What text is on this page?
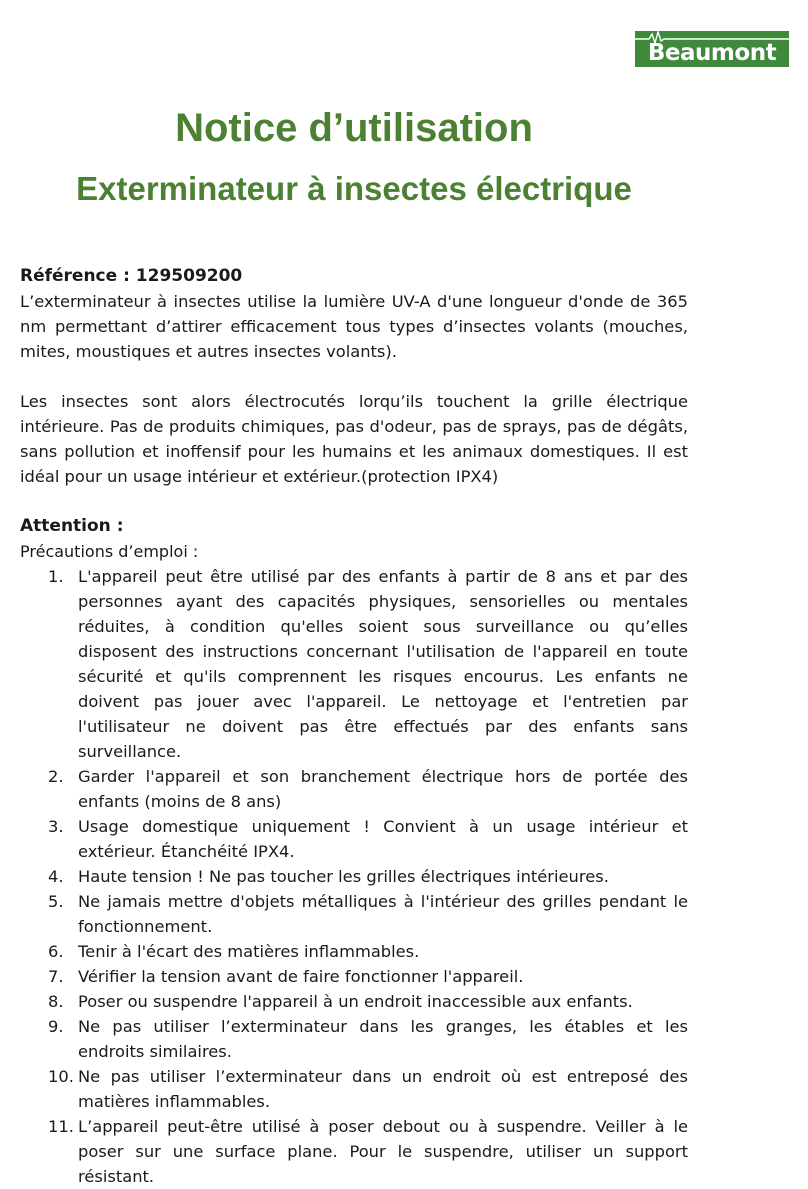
Beaumont
Notice d’utilisation
Exterminateur à insectes électrique
Référence : 129509200

L’exterminateur à insectes utilise la lumière UV-A d'une longueur d'onde de 365 nm permettant d’attirer efficacement tous types d’insectes volants (mouches, mites, moustiques et autres insectes volants).

Les insectes sont alors électrocutés lorqu’ils touchent la grille électrique intérieure. Pas de produits chimiques, pas d'odeur, pas de sprays, pas de dégâts, sans pollution et inoffensif pour les humains et les animaux domestiques. Il est idéal pour un usage intérieur et extérieur.(protection IPX4)

Attention :
Précautions d’emploi :
1. L'appareil peut être utilisé par des enfants à partir de 8 ans et par des personnes ayant des capacités physiques, sensorielles ou mentales réduites, à condition qu'elles soient sous surveillance ou qu’elles disposent des instructions concernant l'utilisation de l'appareil en toute sécurité et qu'ils comprennent les risques encourus. Les enfants ne doivent pas jouer avec l'appareil. Le nettoyage et l'entretien par l'utilisateur ne doivent pas être effectués par des enfants sans surveillance.
2. Garder l'appareil et son branchement électrique hors de portée des enfants (moins de 8 ans)
3. Usage domestique uniquement ! Convient à un usage intérieur et extérieur. Étanchéité IPX4.
4. Haute tension ! Ne pas toucher les grilles électriques intérieures.
5. Ne jamais mettre d'objets métalliques à l'intérieur des grilles pendant le fonctionnement.
6. Tenir à l'écart des matières inflammables.
7. Vérifier la tension avant de faire fonctionner l'appareil.
8. Poser ou suspendre l'appareil à un endroit inaccessible aux enfants.
9. Ne pas utiliser l’exterminateur dans les granges, les étables et les endroits similaires.
10. Ne pas utiliser l’exterminateur dans un endroit où est entreposé des matières inflammables.
11. L’appareil peut-être utilisé à poser debout ou à suspendre. Veiller à le poser sur une surface plane. Pour le suspendre, utiliser un support résistant.
